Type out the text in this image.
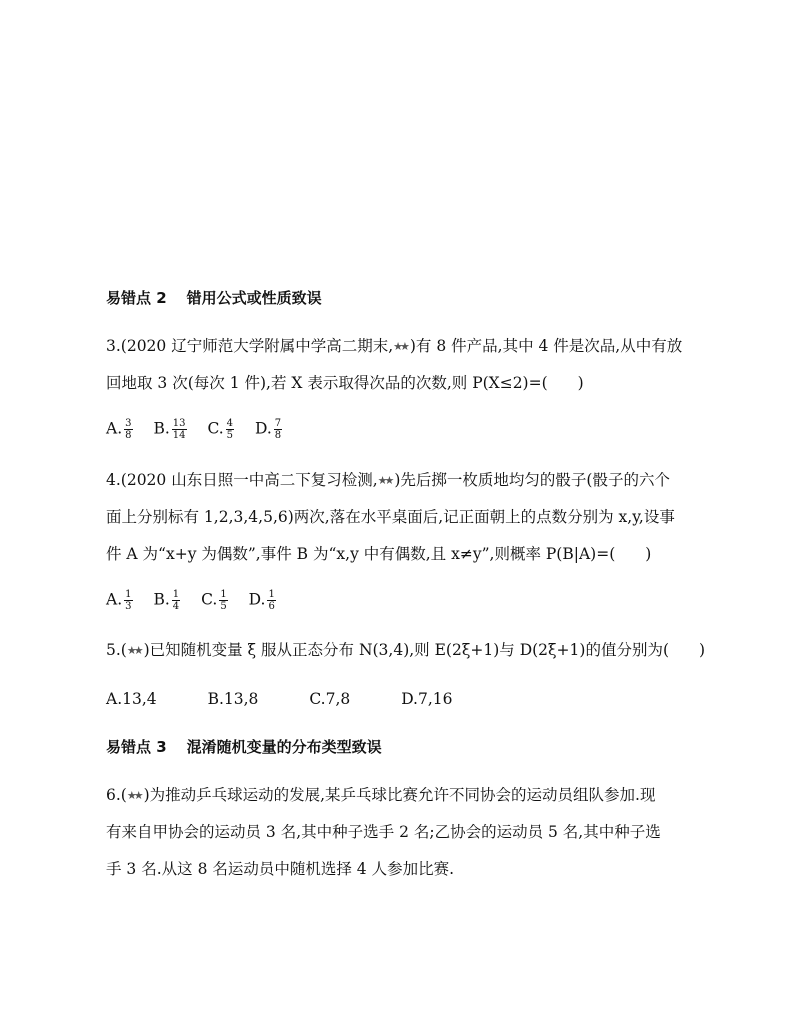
易错点 2 错用公式或性质致误
3.(2020 辽宁师范大学附属中学高二期末,★★ )有 8 件产品,其中 4 件是次品,从中有放
回地取 3 次(每次 1 件),若 X 表示取得次品的次数,则 P(X≤2)=( )
A. $\frac{3}{8} B$. $\frac{13}{14} C$. $\frac{4}{5} D$. $\frac{7}{8}$
4.(2020 山东日照一中高二下复习检测,★★ )先后掷一枚质地均匀的骰子(骰子的六个
面上分别标有 1,2,3,4,5,6)两次,落在水平桌面后,记正面朝上的点数分别为 x,y,设事
件 A 为“x+y 为偶数”,事件 B 为“x,y 中有偶数,且 x≠y”,则概率 P(B|A)=( )
A. $\frac{1}{3} B$. $\frac{1}{4} C$. $\frac{1}{5} D$. $\frac{1}{6}$
5.(★★ )已知随机变量 ξ 服从正态分布 N(3,4),则 E(2ξ+1)与 D(2ξ+1)的值分别为( )
A.13,4	B.13,8	C.7,8	D.7,16
易错点 3 混淆随机变量的分布类型致误
6.(★★ )为推动乒乓球运动的发展,某乒乓球比赛允许不同协会的运动员组队参加.现
有来自甲协会的运动员 3 名,其中种子选手 2 名;乙协会的运动员 5 名,其中种子选
手 3 名.从这 8 名运动员中随机选择 4 人参加比赛.
